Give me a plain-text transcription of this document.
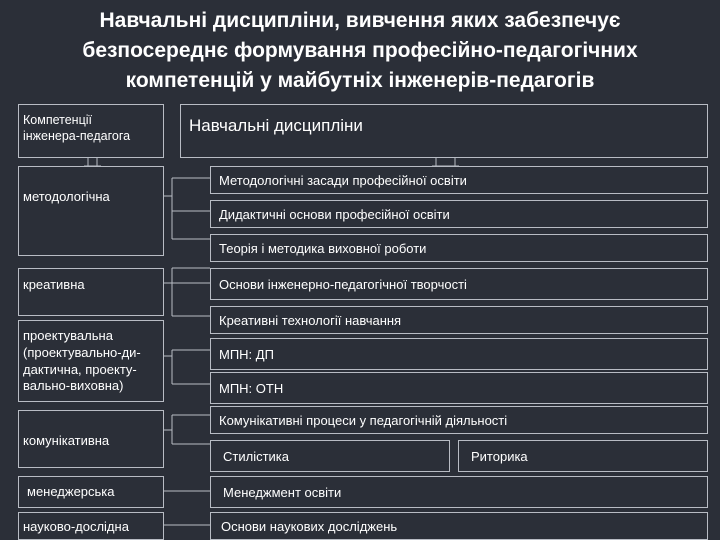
Навчальні дисципліни, вивчення яких забезпечує
безпосереднє формування професійно-педагогічних
компетенцій у майбутніх інженерів-педагогів
Компетенції
інженера-педагога
методологічна
креативна
проектувальна
(проектувально-ди-
дактична, проекту-
вально-виховна)
комунікативна
менеджерська
науково-дослідна
Навчальні дисципліни
Методологічні засади професійної освіти
Дидактичні основи професійної освіти
Теорія і методика виховної роботи
Основи інженерно-педагогічної творчості
Креативні технології навчання
МПН: ДП
МПН: ОТН
Комунікативні процеси у педагогічній діяльності
Стилістика	Риторика
Менеджмент освіти
Основи наукових досліджень
